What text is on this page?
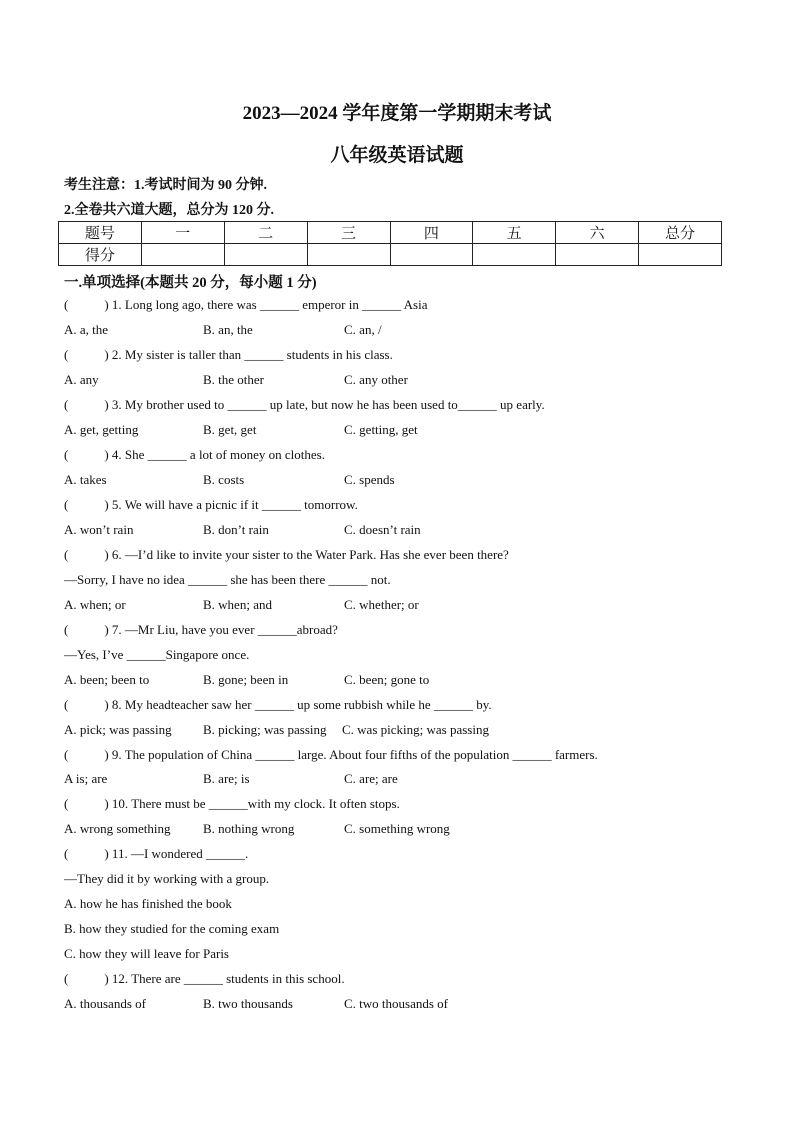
2023—2024 学年度第一学期期末考试
八年级英语试题
考生注意：1.考试时间为 90 分钟.
2.全卷共六道大题，总分为 120 分.
题号	一	二	三	四	五	六	总分
得分							
一.单项选择(本题共 20 分，每小题 1 分)
(	) 1. Long long ago, there was ______ emperor in ______ Asia
A. a, the	B. an, the	C. an, /
(	) 2. My sister is taller than ______ students in his class.
A. any	B. the other	C. any other
(	) 3. My brother used to ______ up late, but now he has been used to______ up early.
A. get, getting	B. get, get	C. getting, get
(	) 4. She ______ a lot of money on clothes.
A. takes	B. costs	C. spends
(	) 5. We will have a picnic if it ______ tomorrow.
A. won’t rain	B. don’t rain	C. doesn’t rain
(	) 6. —I’d like to invite your sister to the Water Park. Has she ever been there?
—Sorry, I have no idea ______ she has been there ______ not.
A. when; or	B. when; and	C. whether; or
(	) 7. —Mr Liu, have you ever ______abroad?
—Yes, I’ve ______Singapore once.
A. been; been to	B. gone; been in	C. been; gone to
(	) 8. My headteacher saw her ______ up some rubbish while he ______ by.
A. pick; was passing B. picking; was passing C. was picking; was passing
(	) 9. The population of China ______ large. About four fifths of the population ______ farmers.
A is; are	B. are; is	C. are; are
(	) 10. There must be ______with my clock. It often stops.
A. wrong something B. nothing wrong	C. something wrong
(	) 11. —I wondered ______.
—They did it by working with a group.
A. how he has finished the book
B. how they studied for the coming exam
C. how they will leave for Paris
(	) 12. There are ______ students in this school.
A. thousands of	B. two thousands	C. two thousands of
